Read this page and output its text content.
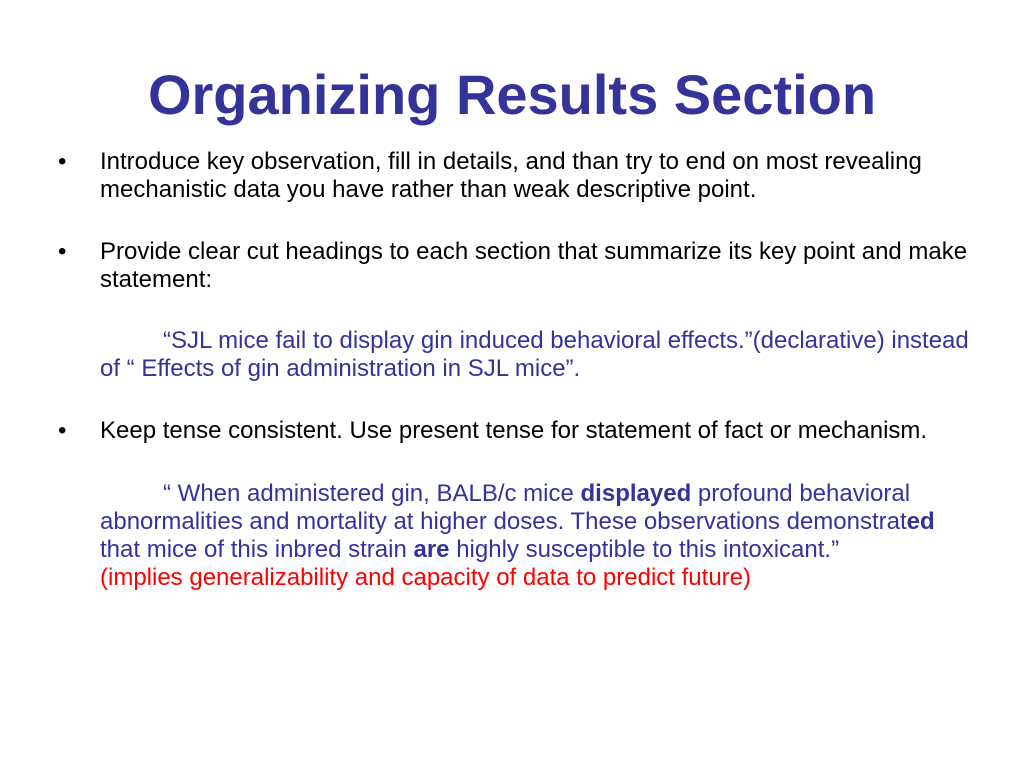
Organizing Results Section
•	Introduce key observation, fill in details, and than try to end on most revealing mechanistic data you have rather than weak descriptive point.
•	Provide clear cut headings to each section that summarize its key point and make statement:
“SJL mice fail to display gin induced behavioral effects.”(declarative) instead of “ Effects of gin administration in SJL mice”.
•	Keep tense consistent. Use present tense for statement of fact or mechanism.
“ When administered gin, BALB/c mice displayed profound behavioral abnormalities and mortality at higher doses. These observations demonstrated that mice of this inbred strain are highly susceptible to this intoxicant.”
(implies generalizability and capacity of data to predict future)
